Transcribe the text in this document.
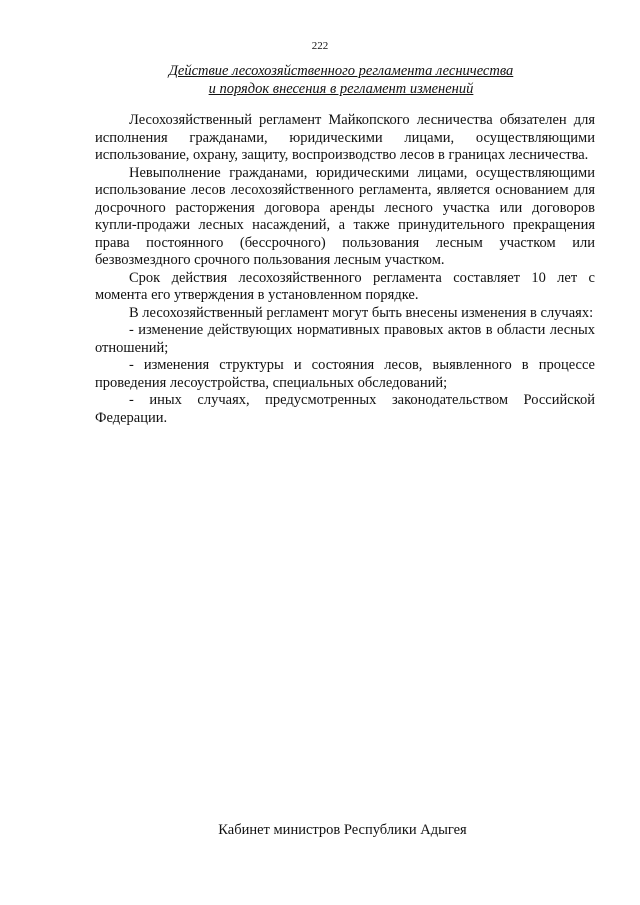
222
Действие лесохозяйственного регламента лесничества
и порядок внесения в регламент изменений

Лесохозяйственный регламент Майкопского лесничества обязателен для исполнения гражданами, юридическими лицами, осуществляющими использование, охрану, защиту, воспроизводство лесов в границах лесничества.

Невыполнение гражданами, юридическими лицами, осуществляющими использование лесов лесохозяйственного регламента, является основанием для досрочного расторжения договора аренды лесного участка или договоров купли-продажи лесных насаждений, а также принудительного прекращения права постоянного (бессрочного) пользования лесным участком или безвозмездного срочного пользования лесным участком.

Срок действия лесохозяйственного регламента составляет 10 лет с момента его утверждения в установленном порядке.

В лесохозяйственный регламент могут быть внесены изменения в случаях:

- изменение действующих нормативных правовых актов в области лесных отношений;

- изменения структуры и состояния лесов, выявленного в процессе проведения лесоустройства, специальных обследований;

- иных случаях, предусмотренных законодательством Российской Федерации.

Кабинет министров Республики Адыгея
